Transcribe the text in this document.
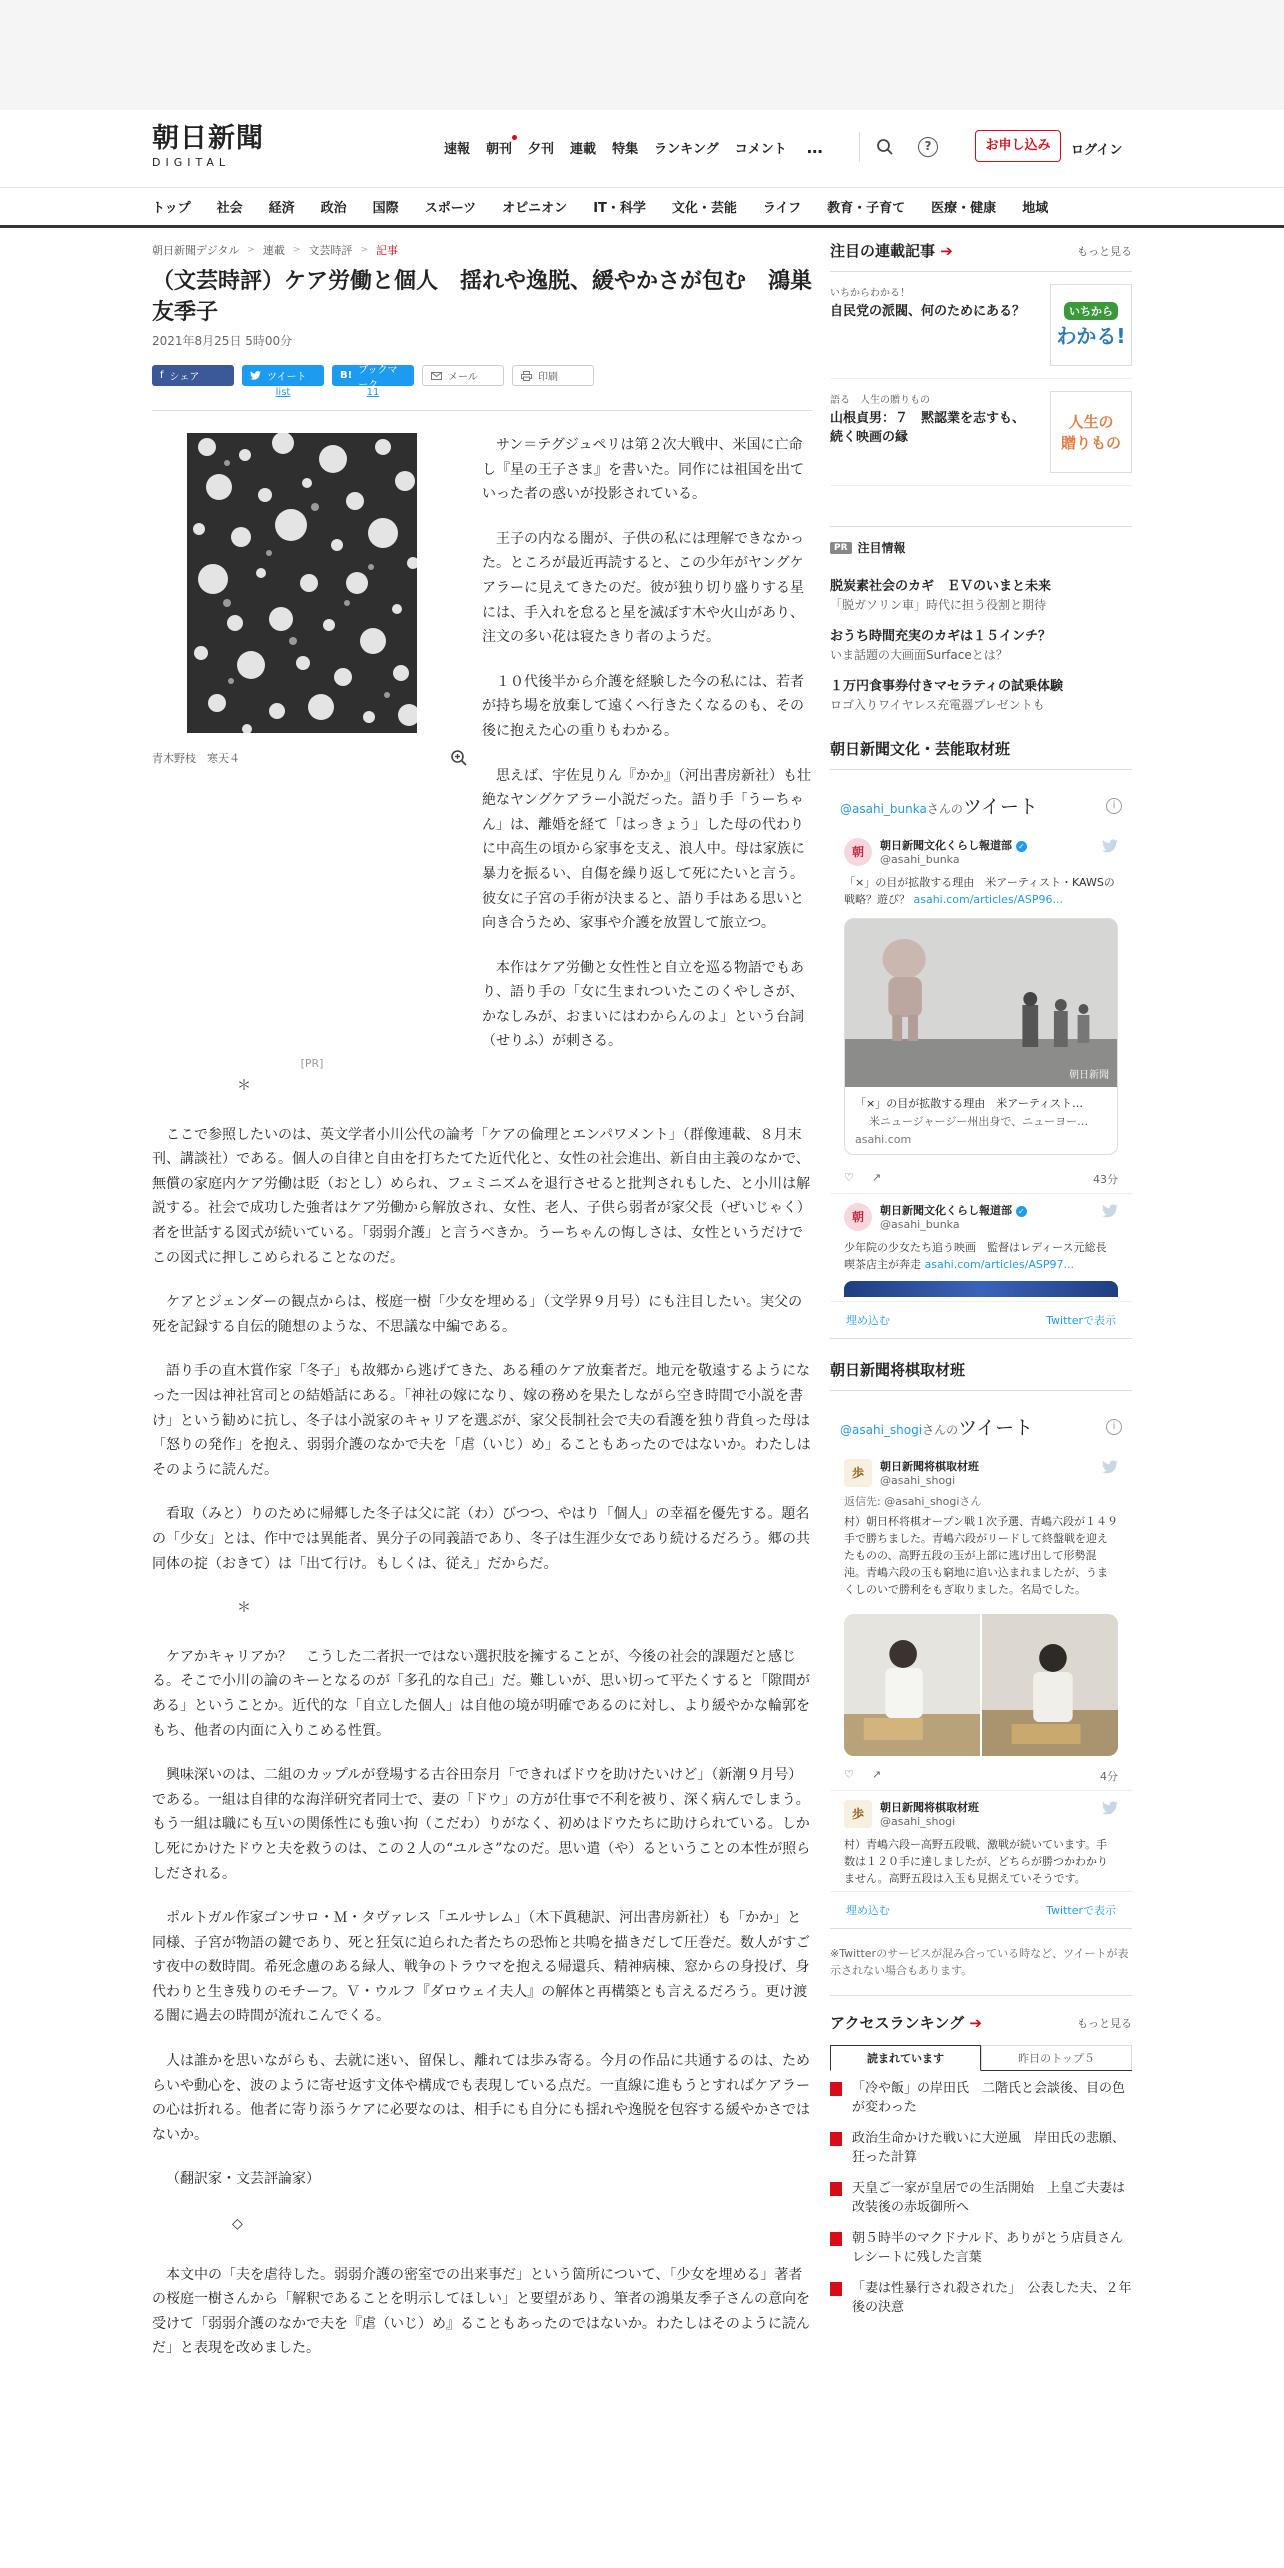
朝日新聞
DIGITAL
速報 朝刊 夕刊 連載 特集 ランキング コメント …	?	お申し込み	ログイン
トップ 社会 経済 政治 国際 スポーツ オピニオン IT・科学 文化・芸能 ライフ 教育・子育て 医療・健康 地域
朝日新聞デジタル > 連載 > 文芸時評 > 記事
（文芸時評）ケア労働と個人　揺れや逸脱、緩やかさが包む　鴻巣友季子
2021年8月25日 5時00分
f シェア	ツイート
list
B! ブックマーク
11
メール	印刷
青木野枝　寒天４
[PR]

サン＝テグジュペリは第２次大戦中、米国に亡命し『星の王子さま』を書いた。同作には祖国を出ていった者の惑いが投影されている。

王子の内なる闇が、子供の私には理解できなかった。ところが最近再読すると、この少年がヤングケアラーに見えてきたのだ。彼が独り切り盛りする星には、手入れを怠ると星を滅ぼす木や火山があり、注文の多い花は寝たきり者のようだ。

１０代後半から介護を経験した今の私には、若者が持ち場を放棄して遠くへ行きたくなるのも、その後に抱えた心の重りもわかる。

思えば、宇佐見りん『かか』（河出書房新社）も壮絶なヤングケアラー小説だった。語り手「うーちゃん」は、離婚を経て「はっきょう」した母の代わりに中高生の頃から家事を支え、浪人中。母は家族に暴力を振るい、自傷を繰り返して死にたいと言う。彼女に子宮の手術が決まると、語り手はある思いと向き合うため、家事や介護を放置して旅立つ。

本作はケア労働と女性性と自立を巡る物語でもあり、語り手の「女に生まれついたこのくやしさが、かなしみが、おまいにはわからんのよ」という台詞（せりふ）が刺さる。

＊

ここで参照したいのは、英文学者小川公代の論考「ケアの倫理とエンパワメント」（群像連載、８月末刊、講談社）である。個人の自律と自由を打ちたてた近代化と、女性の社会進出、新自由主義のなかで、無償の家庭内ケア労働は貶（おとし）められ、フェミニズムを退行させると批判されもした、と小川は解説する。社会で成功した強者はケア労働から解放され、女性、老人、子供ら弱者が家父長（ぜいじゃく）者を世話する図式が続いている。「弱弱介護」と言うべきか。うーちゃんの悔しさは、女性というだけでこの図式に押しこめられることなのだ。

ケアとジェンダーの観点からは、桜庭一樹「少女を埋める」（文学界９月号）にも注目したい。実父の死を記録する自伝的随想のような、不思議な中編である。

語り手の直木賞作家「冬子」も故郷から逃げてきた、ある種のケア放棄者だ。地元を敬遠するようになった一因は神社宮司との結婚話にある。「神社の嫁になり、嫁の務めを果たしながら空き時間で小説を書け」という勧めに抗し、冬子は小説家のキャリアを選ぶが、家父長制社会で夫の看護を独り背負った母は「怒りの発作」を抱え、弱弱介護のなかで夫を「虐（いじ）め」ることもあったのではないか。わたしはそのように読んだ。

看取（みと）りのために帰郷した冬子は父に詫（わ）びつつ、やはり「個人」の幸福を優先する。題名の「少女」とは、作中では異能者、異分子の同義語であり、冬子は生涯少女であり続けるだろう。郷の共同体の掟（おきて）は「出て行け。もしくは、従え」だからだ。

＊

ケアかキャリアか？　こうした二者択一ではない選択肢を擁することが、今後の社会的課題だと感じる。そこで小川の論のキーとなるのが「多孔的な自己」だ。難しいが、思い切って平たくすると「隙間がある」ということか。近代的な「自立した個人」は自他の境が明確であるのに対し、より緩やかな輪郭をもち、他者の内面に入りこめる性質。

興味深いのは、二組のカップルが登場する古谷田奈月「できればドウを助けたいけど」（新潮９月号）である。一組は自律的な海洋研究者同士で、妻の「ドウ」の方が仕事で不利を被り、深く病んでしまう。もう一組は職にも互いの関係性にも強い拘（こだわ）りがなく、初めはドウたちに助けられている。しかし死にかけたドウと夫を救うのは、この２人の“ユルさ”なのだ。思い遣（や）るということの本性が照らしだされる。

ポルトガル作家ゴンサロ・Ｍ・タヴァレス「エルサレム」（木下眞穂訳、河出書房新社）も「かか」と同様、子宮が物語の鍵であり、死と狂気に迫られた者たちの恐怖と共鳴を描きだして圧巻だ。数人がすごす夜中の数時間。希死念慮のある緑人、戦争のトラウマを抱える帰還兵、精神病棟、窓からの身投げ、身代わりと生き残りのモチーフ。Ｖ・ウルフ『ダロウェイ夫人』の解体と再構築とも言えるだろう。更け渡る闇に過去の時間が流れこんでくる。

人は誰かを思いながらも、去就に迷い、留保し、離れては歩み寄る。今月の作品に共通するのは、ためらいや動心を、波のように寄せ返す文体や構成でも表現している点だ。一直線に進もうとすればケアラーの心は折れる。他者に寄り添うケアに必要なのは、相手にも自分にも揺れや逸脱を包容する緩やかさではないか。

（翻訳家・文芸評論家）

◇

本文中の「夫を虐待した。弱弱介護の密室での出来事だ」という箇所について、「少女を埋める」著者の桜庭一樹さんから「解釈であることを明示してほしい」と要望があり、筆者の鴻巣友季子さんの意向を受けて「弱弱介護のなかで夫を『虐（いじ）め』ることもあったのではないか。わたしはそのように読んだ」と表現を改めました。

注目の連載記事 ➔	もっと見る
いちからわかる！
自民党の派閥、何のためにある？	いちから
わかる!
語る　人生の贈りもの
山根貞男：７　黙認業を志すも、続く映画の縁
人生の
贈りもの
PR 注目情報
脱炭素社会のカギ　ＥＶのいまと未来
「脱ガソリン車」時代に担う役割と期待
おうち時間充実のカギは１５インチ？
いま話題の大画面Surfaceとは？
１万円食事券付きマセラティの試乗体験
ロゴ入りワイヤレス充電器プレゼントも
朝日新聞文化・芸能取材班
@asahi_bunkaさんのツイート	i
朝	朝日新聞文化くらし報道部 ✓
@asahi_bunka
「×」の目が拡散する理由　米アーティスト・KAWSの戦略？遊び？ asahi.com/articles/ASP96...
朝日新聞
「×」の目が拡散する理由　米アーティスト…
米ニュージャージー州出身で、ニューヨー…
asahi.com
♡ ↗	43分
朝	朝日新聞文化くらし報道部 ✓
@asahi_bunka
少年院の少女たち追う映画　監督はレディース元総長　喫茶店主が奔走 asahi.com/articles/ASP97...
埋め込む	Twitterで表示
朝日新聞将棋取材班
@asahi_shogiさんのツイート	i
歩	朝日新聞将棋取材班
@asahi_shogi
返信先: @asahi_shogiさん
村）朝日杯将棋オープン戦１次予選、青嶋六段が１４９手で勝ちました。青嶋六段がリードして終盤戦を迎えたものの、高野五段の玉が上部に逃げ出して形勢混沌。青嶋六段の玉も窮地に追い込まれましたが、うまくしのいで勝利をもぎ取りました。名局でした。
♡ ↗	4分
歩	朝日新聞将棋取材班
@asahi_shogi
村）青嶋六段ー高野五段戦、激戦が続いています。手数は１２０手に達しましたが、どちらが勝つかわかりません。高野五段は入玉も見据えていそうです。
埋め込む	Twitterで表示
※Twitterのサービスが混み合っている時など、ツイートが表示されない場合もあります。
アクセスランキング ➔	もっと見る
読まれています	昨日のトップ５
「冷や飯」の岸田氏　二階氏と会談後、目の色が変わった
政治生命かけた戦いに大逆風　岸田氏の悲願、狂った計算
天皇ご一家が皇居での生活開始　上皇ご夫妻は改装後の赤坂御所へ
朝５時半のマクドナルド、ありがとう店員さん　レシートに残した言葉
「妻は性暴行され殺された」　公表した夫、２年後の決意
